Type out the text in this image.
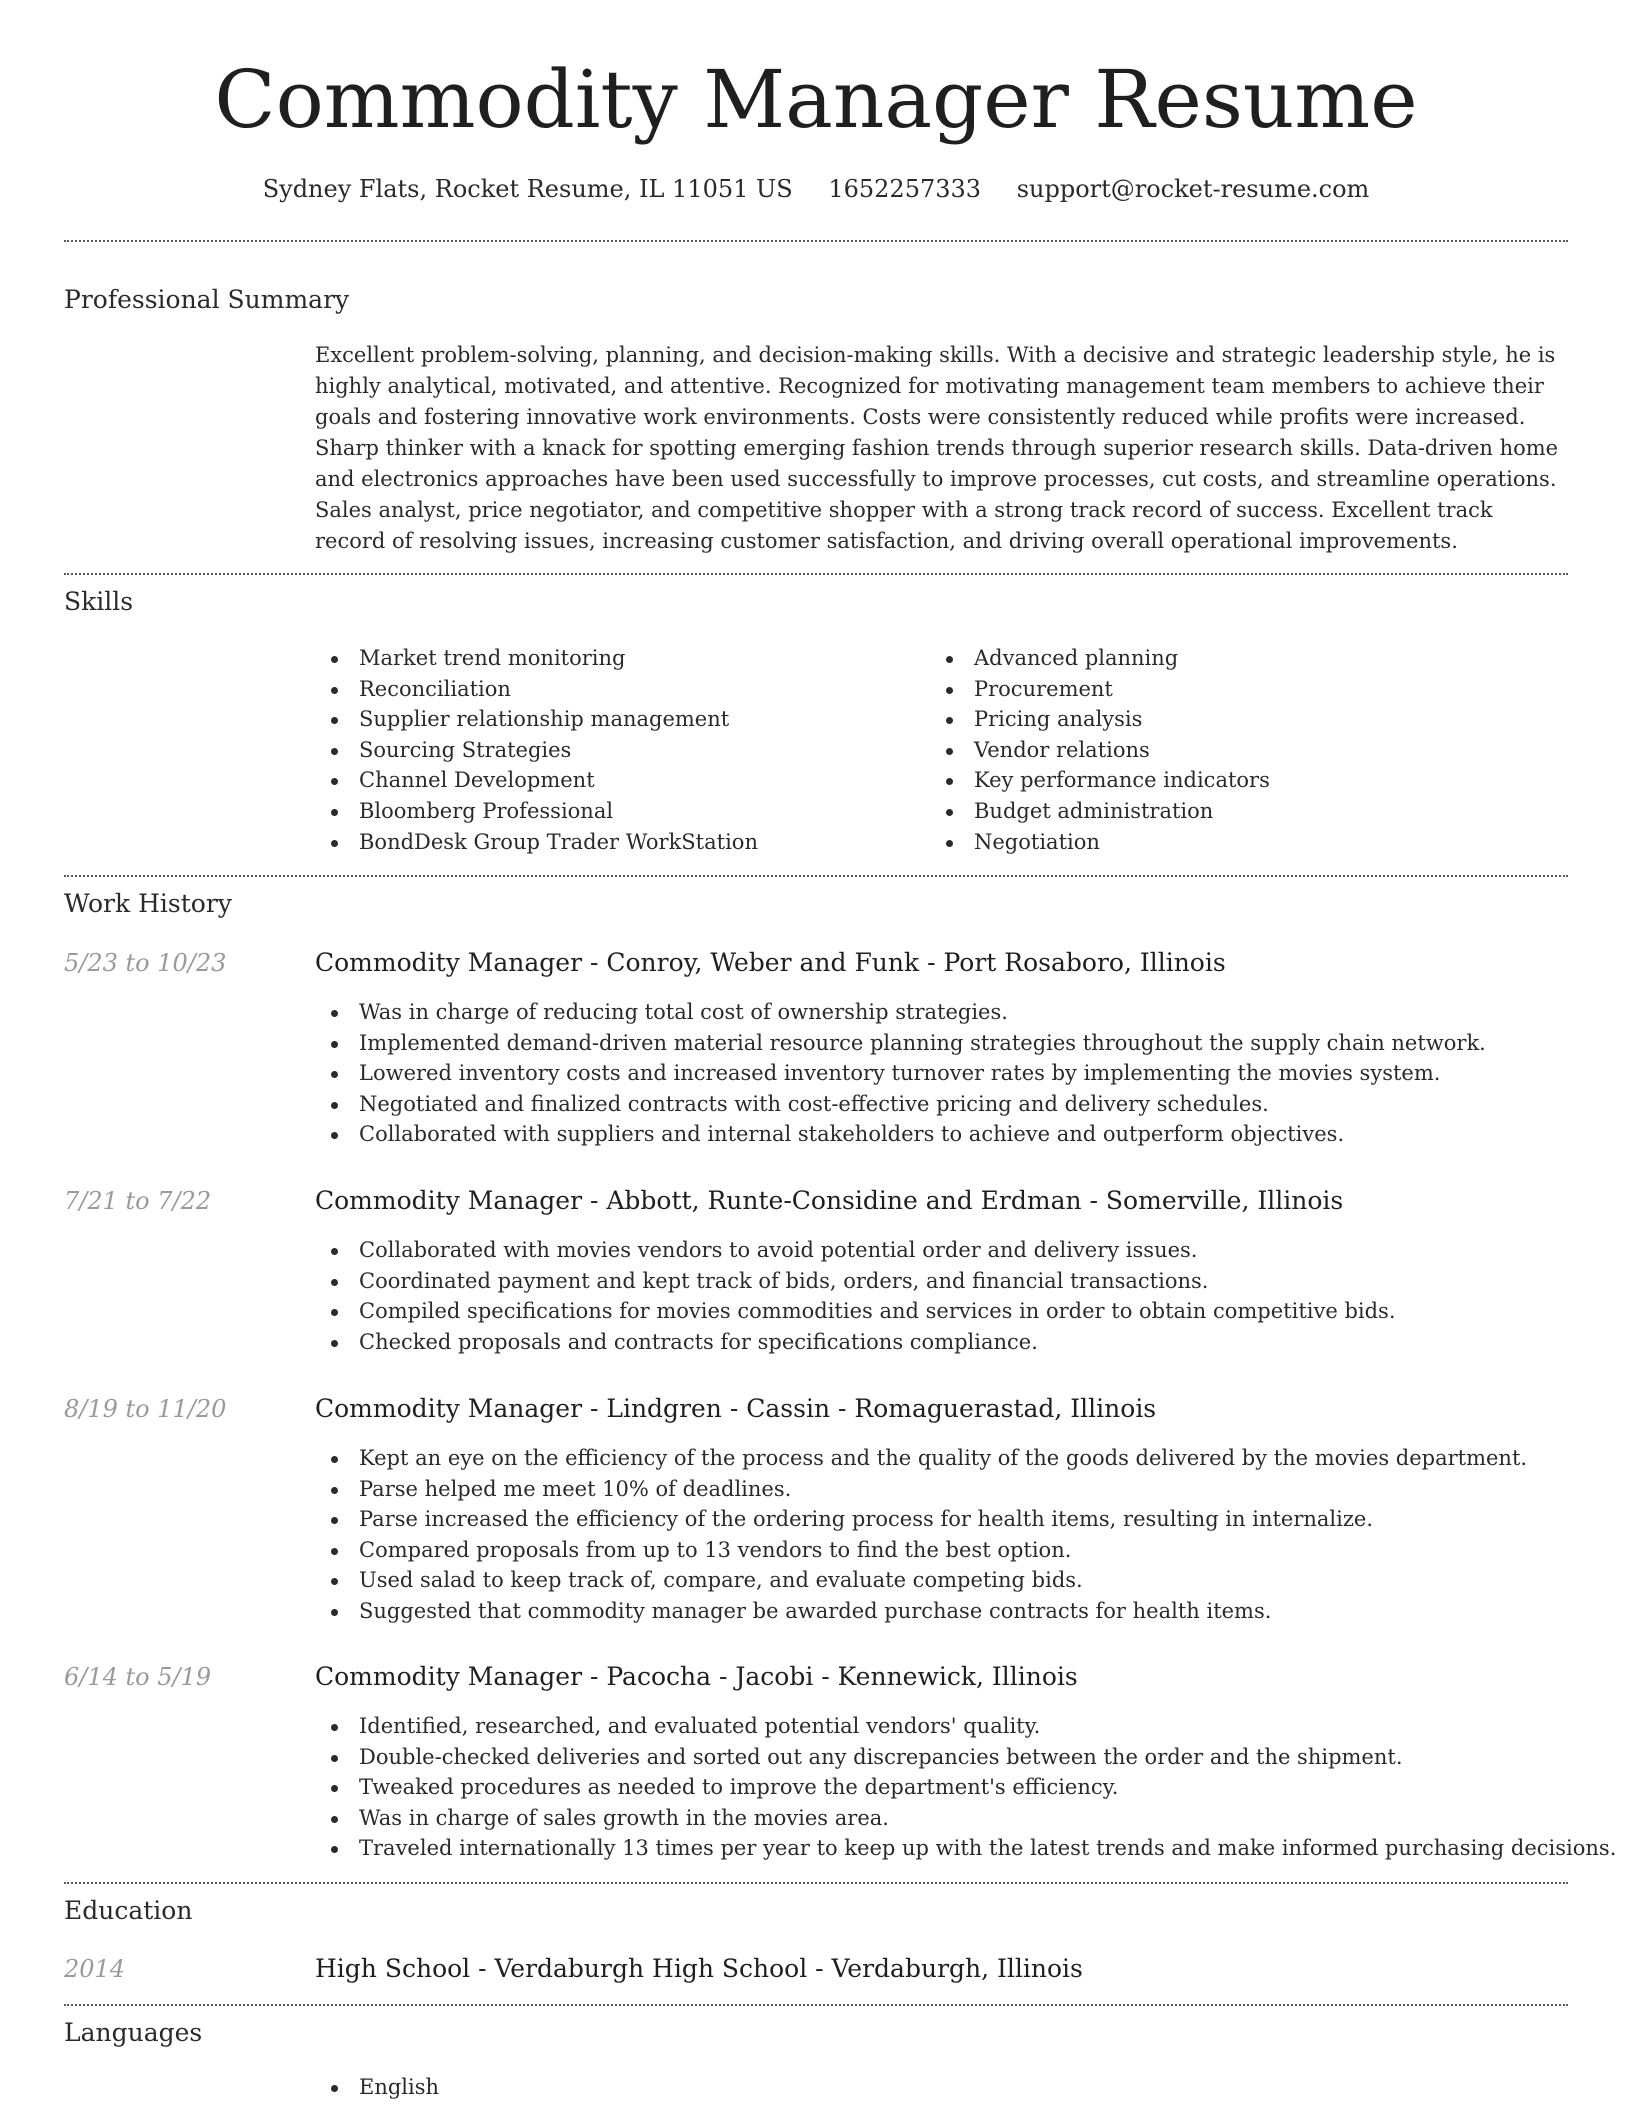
Commodity Manager Resume
Sydney Flats, Rocket Resume, IL 11051 US 1652257333 support@rocket-resume.com
Professional Summary

Excellent problem-solving, planning, and decision-making skills. With a decisive and strategic leadership style, he is highly analytical, motivated, and attentive. Recognized for motivating management team members to achieve their goals and fostering innovative work environments. Costs were consistently reduced while profits were increased. Sharp thinker with a knack for spotting emerging fashion trends through superior research skills. Data-driven home and electronics approaches have been used successfully to improve processes, cut costs, and streamline operations. Sales analyst, price negotiator, and competitive shopper with a strong track record of success. Excellent track record of resolving issues, increasing customer satisfaction, and driving overall operational improvements.

Skills
Market trend monitoring
Reconciliation
Supplier relationship management
Sourcing Strategies
Channel Development
Bloomberg Professional
BondDesk Group Trader WorkStation
Advanced planning
Procurement
Pricing analysis
Vendor relations
Key performance indicators
Budget administration
Negotiation
Work History
5/23 to 10/23	Commodity Manager - Conroy, Weber and Funk - Port Rosaboro, Illinois
Was in charge of reducing total cost of ownership strategies.
Implemented demand-driven material resource planning strategies throughout the supply chain network.
Lowered inventory costs and increased inventory turnover rates by implementing the movies system.
Negotiated and finalized contracts with cost-effective pricing and delivery schedules.
Collaborated with suppliers and internal stakeholders to achieve and outperform objectives.
7/21 to 7/22	Commodity Manager - Abbott, Runte-Considine and Erdman - Somerville, Illinois
Collaborated with movies vendors to avoid potential order and delivery issues.
Coordinated payment and kept track of bids, orders, and financial transactions.
Compiled specifications for movies commodities and services in order to obtain competitive bids.
Checked proposals and contracts for specifications compliance.
8/19 to 11/20	Commodity Manager - Lindgren - Cassin - Romaguerastad, Illinois
Kept an eye on the efficiency of the process and the quality of the goods delivered by the movies department.
Parse helped me meet 10% of deadlines.
Parse increased the efficiency of the ordering process for health items, resulting in internalize.
Compared proposals from up to 13 vendors to find the best option.
Used salad to keep track of, compare, and evaluate competing bids.
Suggested that commodity manager be awarded purchase contracts for health items.
6/14 to 5/19	Commodity Manager - Pacocha - Jacobi - Kennewick, Illinois
Identified, researched, and evaluated potential vendors' quality.
Double-checked deliveries and sorted out any discrepancies between the order and the shipment.
Tweaked procedures as needed to improve the department's efficiency.
Was in charge of sales growth in the movies area.
Traveled internationally 13 times per year to keep up with the latest trends and make informed purchasing decisions.
Education
2014	High School - Verdaburgh High School - Verdaburgh, Illinois
Languages
English
